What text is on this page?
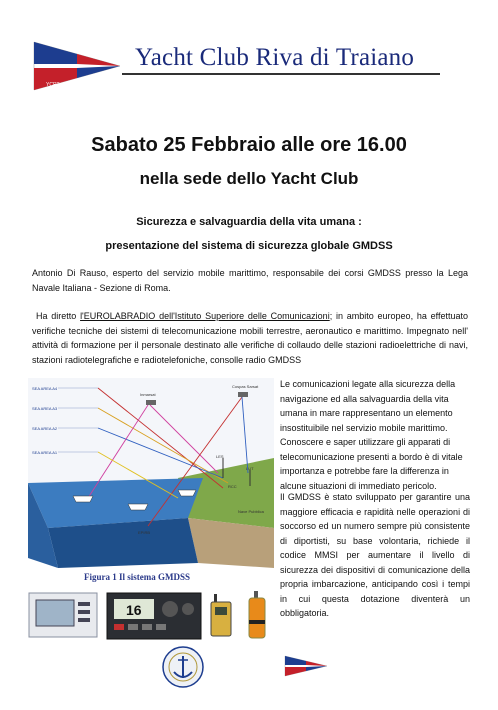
YCRT
Yacht Club Riva di Traiano
Sabato 25 Febbraio alle ore 16.00
nella sede dello Yacht Club
Sicurezza e salvaguardia della vita umana :
presentazione del sistema di sicurezza globale GMDSS
Antonio Di Rauso, esperto del servizio mobile marittimo, responsabile dei corsi GMDSS presso la Lega Navale Italiana - Sezione di Roma.
Ha diretto l'EUROLABRADIO dell'Istituto Superiore delle Comunicazioni; in ambito europeo, ha effettuato verifiche tecniche dei sistemi di telecomunicazione mobili terrestre, aeronautico e marittimo. Impegnato nell' attività di formazione per il personale destinato alle verifiche di collaudo delle stazioni radioelettriche di navi, stazioni radiotelegrafiche e radiotelefoniche, consolle radio GMDSS
SEA AREA A4
SEA AREA A3
SEA AREA A2
SEA AREA A1
Inmarsat
Cospas Sarsat
LES
LUT
RCC
EPIRB
Nave Pubblica
Figura 1 Il sistema GMDSS
Le comunicazioni legate alla sicurezza della navigazione ed alla salvaguardia della vita umana in mare rappresentano un elemento insostituibile nel servizio mobile marittimo. Conoscere e saper utilizzare gli apparati di telecomunicazione presenti a bordo è di vitale importanza e potrebbe fare la differenza in alcune situazioni di immediato pericolo.
Il GMDSS è stato sviluppato per garantire una maggiore efficacia e rapidità nelle operazioni di soccorso ed un numero sempre più consistente di diportisti, su base volontaria, richiede il codice MMSI per aumentare il livello di sicurezza dei dispositivi di comunicazione della propria imbarcazione, anticipando così i tempi in cui questa dotazione diventerà un obbligatoria.
16
